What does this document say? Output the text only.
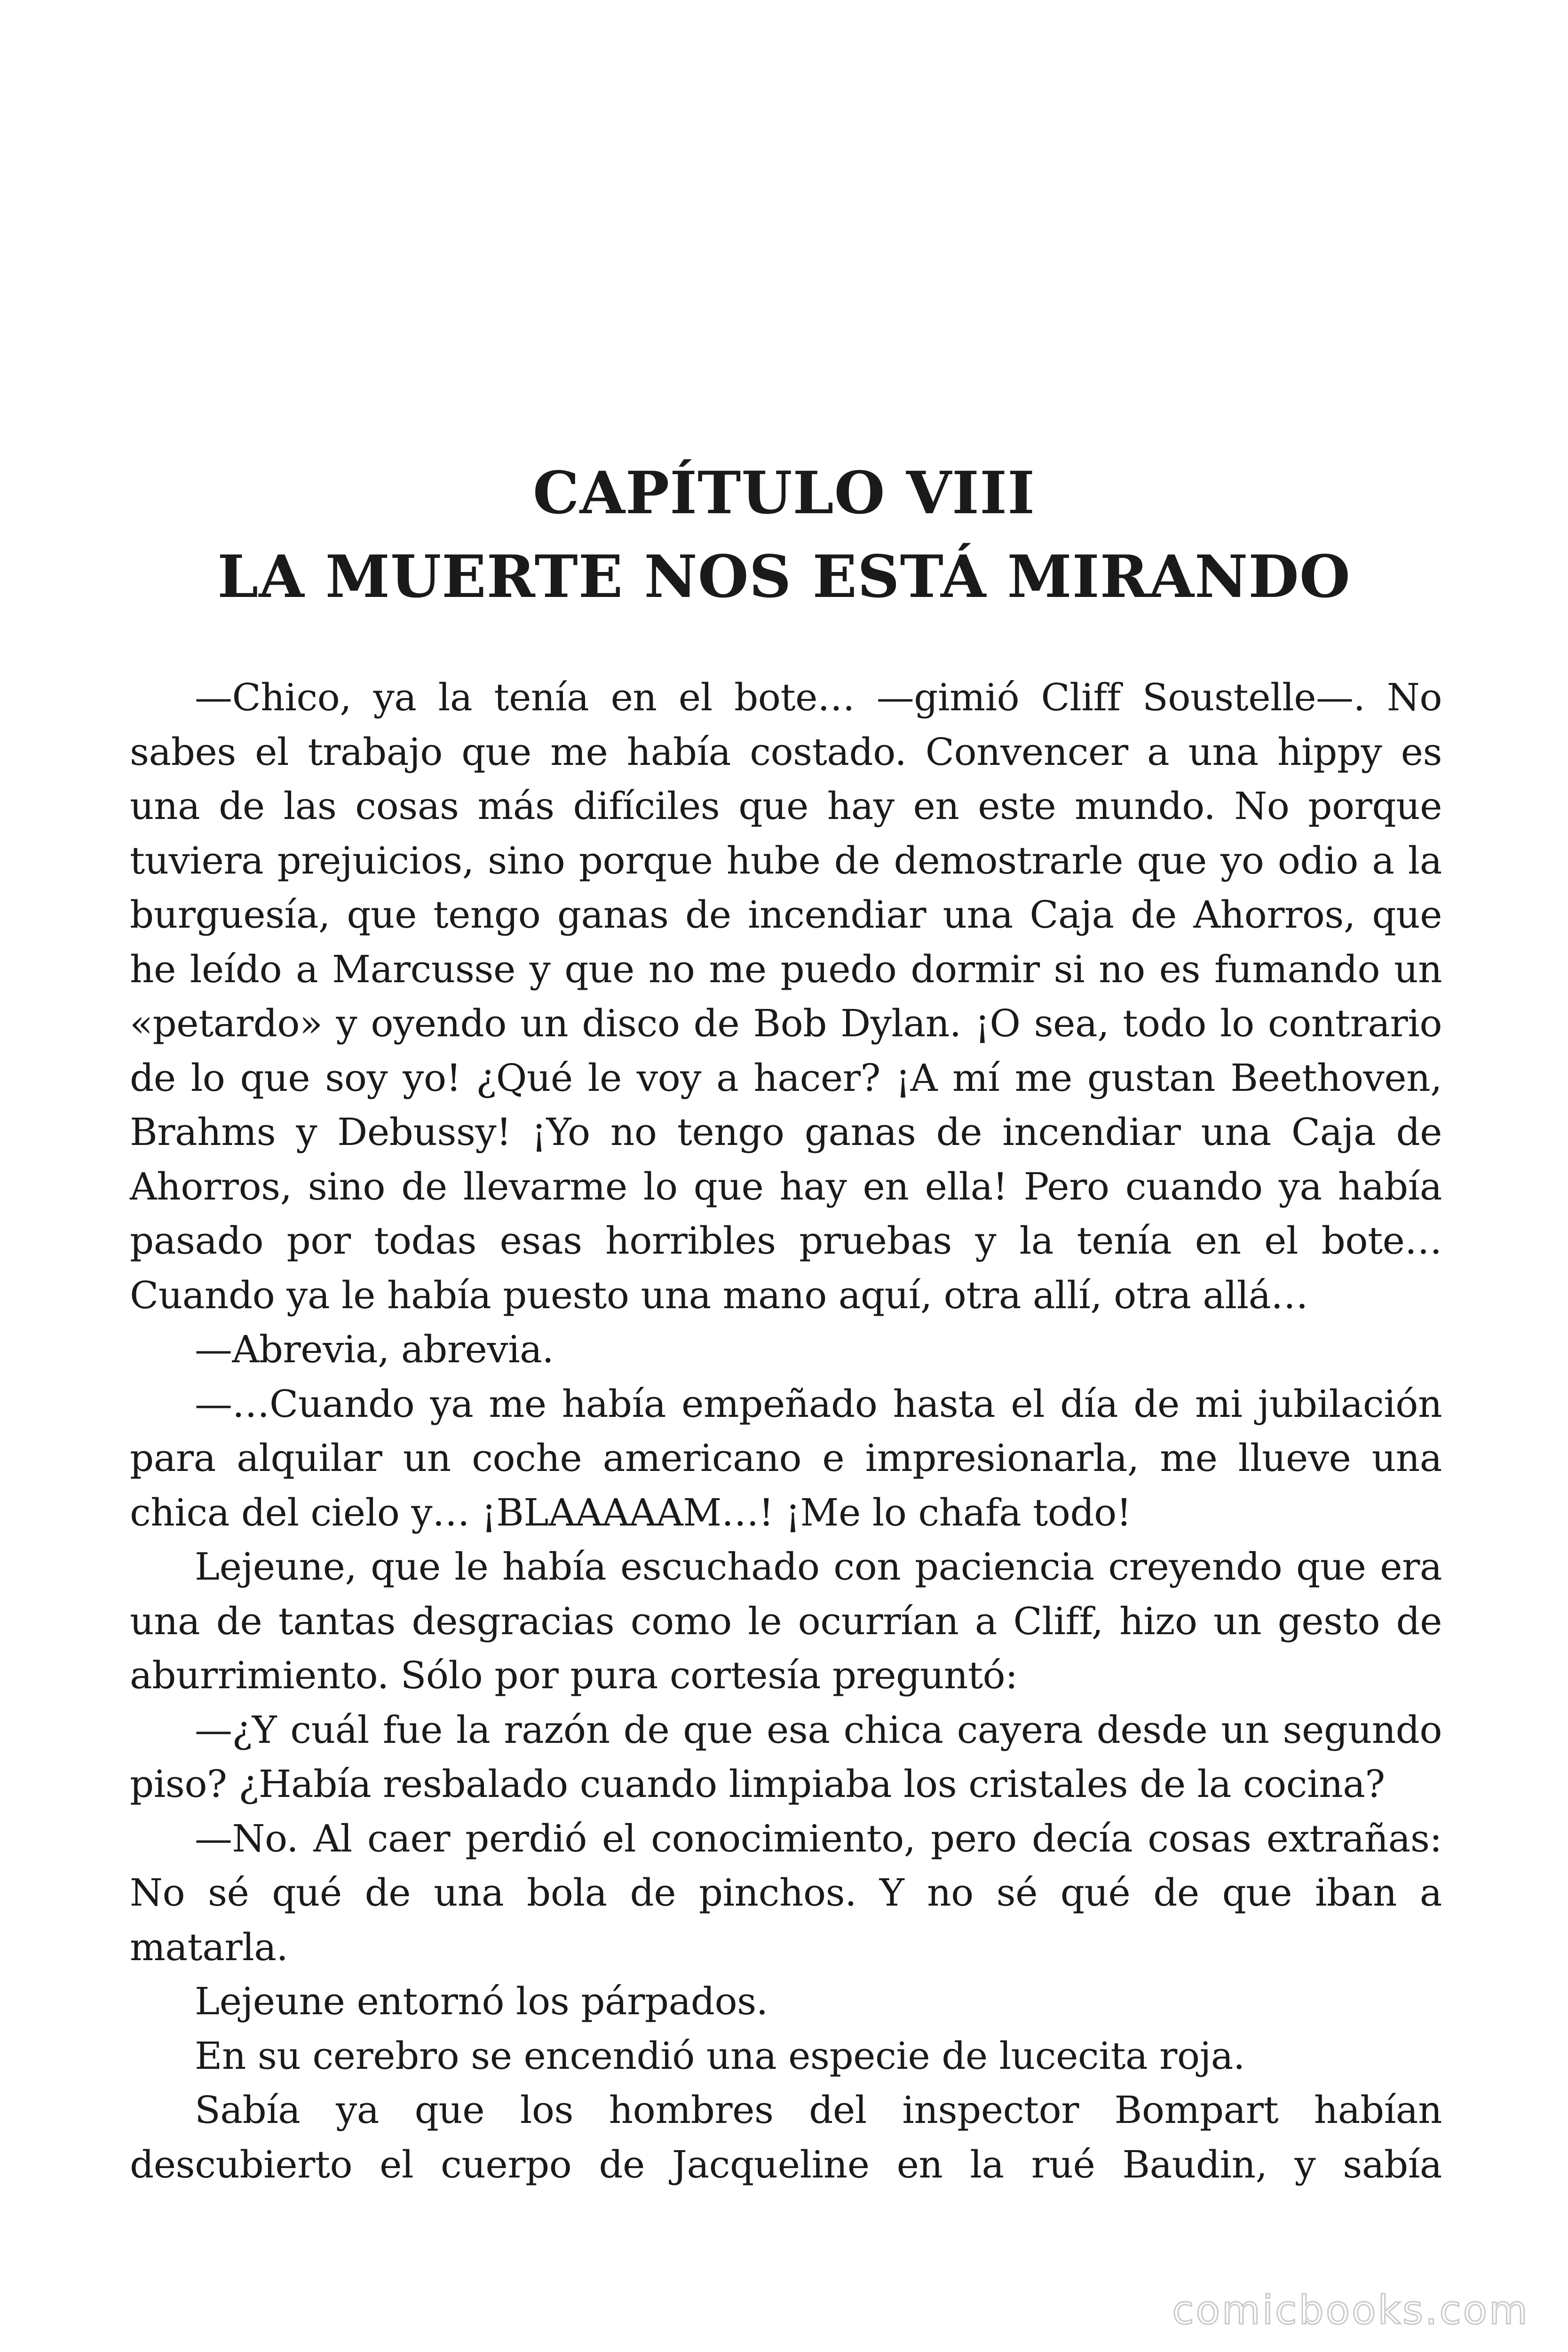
CAPÍTULO VIII
LA MUERTE NOS ESTÁ MIRANDO

—Chico, ya la tenía en el bote… —gimió Cliff Soustelle—. No sabes el trabajo que me había costado. Convencer a una hippy es una de las cosas más difíciles que hay en este mundo. No porque tuviera prejuicios, sino porque hube de demostrarle que yo odio a la burguesía, que tengo ganas de incendiar una Caja de Ahorros, que he leído a Marcusse y que no me puedo dormir si no es fumando un «petardo» y oyendo un disco de Bob Dylan. ¡O sea, todo lo contrario de lo que soy yo! ¿Qué le voy a hacer? ¡A mí me gustan Beethoven, Brahms y Debussy! ¡Yo no tengo ganas de incendiar una Caja de Ahorros, sino de llevarme lo que hay en ella! Pero cuando ya había pasado por todas esas horribles pruebas y la tenía en el bote… Cuando ya le había puesto una mano aquí, otra allí, otra allá…

—Abrevia, abrevia.

—…Cuando ya me había empeñado hasta el día de mi jubilación para alquilar un coche americano e impresionarla, me llueve una chica del cielo y… ¡BLAAAAAM…! ¡Me lo chafa todo!

Lejeune, que le había escuchado con paciencia creyendo que era una de tantas desgracias como le ocurrían a Cliff, hizo un gesto de aburrimiento. Sólo por pura cortesía preguntó:

—¿Y cuál fue la razón de que esa chica cayera desde un segundo piso? ¿Había resbalado cuando limpiaba los cristales de la cocina?

—No. Al caer perdió el conocimiento, pero decía cosas extrañas: No sé qué de una bola de pinchos. Y no sé qué de que iban a matarla.

Lejeune entornó los párpados.

En su cerebro se encendió una especie de lucecita roja.

Sabía ya que los hombres del inspector Bompart habían descubierto el cuerpo de Jacqueline en la rué Baudin, y sabía

comicbooks.com
